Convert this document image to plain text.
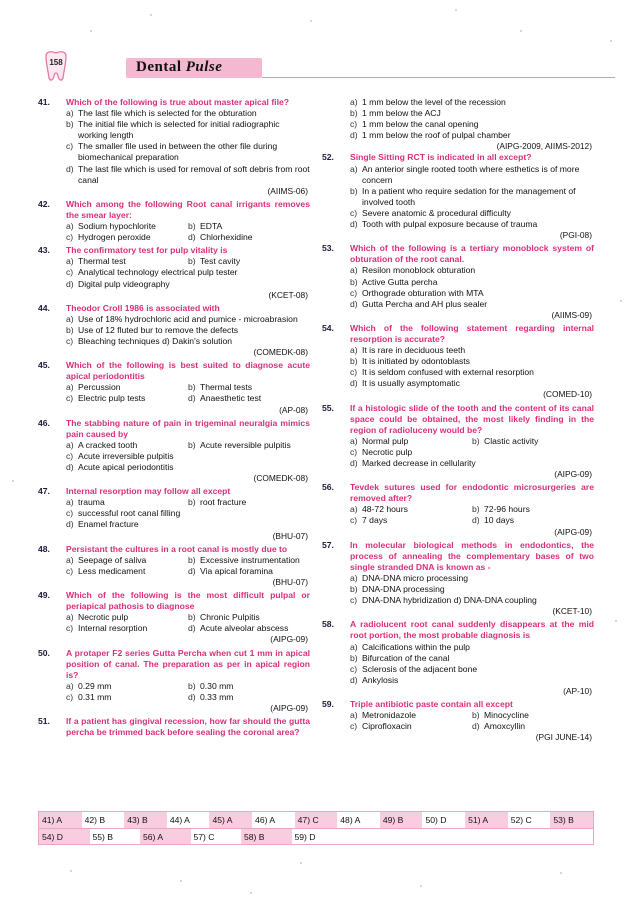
158	Dental Pulse
41.	Which of the following is true about master apical file?
a) The last file which is selected for the obturation
b) The initial file which is selected for initial radiographic working length
c) The smaller file used in between the other file during biomechanical preparation
d) The last file which is used for removal of soft debris from root canal
(AIIMS-06)
42.	Which among the following Root canal irrigants removes the smear layer:
a) Sodium hypochlorite	b) EDTA
c) Hydrogen peroxide	d) Chlorhexidine
43.	The confirmatory test for pulp vitality is
a) Thermal test	b) Test cavity
c) Analytical technology electrical pulp tester
d) Digital pulp videography
(KCET-08)
44.	Theodor Croll 1986 is associated with
a) Use of 18% hydrochloric acid and pumice - microabrasion
b) Use of 12 fluted bur to remove the defects
c) Bleaching techniques d) Dakin's solution
(COMEDK-08)
45.	Which of the following is best suited to diagnose acute apical periodontitis
a) Percussion	b) Thermal tests
c) Electric pulp tests	d) Anaesthetic test
(AP-08)
46.	The stabbing nature of pain in trigeminal neuralgia mimics pain caused by
a) A cracked tooth	b) Acute reversible pulpitis
c) Acute irreversible pulpitis
d) Acute apical periodontitis
(COMEDK-08)
47.	Internal resorption may follow all except
a) trauma	b) root fracture
c) successful root canal filling
d) Enamel fracture
(BHU-07)
48.	Persistant the cultures in a root canal is mostly due to
a) Seepage of saliva	b) Excessive instrumentation
c) Less medicament	d) Via apical foramina
(BHU-07)
49.	Which of the following is the most difficult pulpal or periapical pathosis to diagnose
a) Necrotic pulp	b) Chronic Pulpitis
c) Internal resorption	d) Acute alveolar abscess
(AIPG-09)
50.	A protaper F2 series Gutta Percha when cut 1 mm in apical position of canal. The preparation as per in apical region is?
a) 0.29 mm	b) 0.30 mm
c) 0.31 mm	d) 0.33 mm
(AIPG-09)
51.	If a patient has gingival recession, how far should the gutta percha be trimmed back before sealing the coronal area?
a) 1 mm below the level of the recession
b) 1 mm below the ACJ
c) 1 mm below the canal opening
d) 1 mm below the roof of pulpal chamber
(AIPG-2009, AIIMS-2012)
52.	Single Sitting RCT is indicated in all except?
a) An anterior single rooted tooth where esthetics is of more concern
b) In a patient who require sedation for the management of involved tooth
c) Severe anatomic & procedural difficulty
d) Tooth with pulpal exposure because of trauma
(PGI-08)
53.	Which of the following is a tertiary monoblock system of obturation of the root canal.
a) Resilon monoblock obturation
b) Active Gutta percha
c) Orthograde obturation with MTA
d) Gutta Percha and AH plus sealer
(AIIMS-09)
54.	Which of the following statement regarding internal resorption is accurate?
a) It is rare in deciduous teeth
b) It is initiated by odontoblasts
c) It is seldom confused with external resorption
d) It is usually asymptomatic
(COMED-10)
55.	If a histologic slide of the tooth and the content of its canal space could be obtained, the most likely finding in the region of radioluceny would be?
a) Normal pulp	b) Clastic activity
c) Necrotic pulp
d) Marked decrease in cellularity
(AIPG-09)
56.	Tevdek sutures used for endodontic microsurgeries are removed after?
a) 48-72 hours	b) 72-96 hours
c) 7 days	d) 10 days
(AIPG-09)
57.	In molecular biological methods in endodontics, the process of annealing the complementary bases of two single stranded DNA is known as -
a) DNA-DNA micro processing
b) DNA-DNA processing
c) DNA-DNA hybridization d) DNA-DNA coupling
(KCET-10)
58.	A radiolucent root canal suddenly disappears at the mid root portion, the most probable diagnosis is
a) Calcifications within the pulp
b) Bifurcation of the canal
c) Sclerosis of the adjacent bone
d) Ankylosis
(AP-10)
59.	Triple antibiotic paste contain all except
a) Metronidazole	b) Minocycline
c) Ciprofloxacin	d) Amoxcyllin
(PGI JUNE-14)
41) A	42) B	43) B	44) A	45) A	46) A	47) C	48) A	49) B	50) D	51) A	52) C	53) B
54) D	55) B	56) A	57) C	58) B	59) D
